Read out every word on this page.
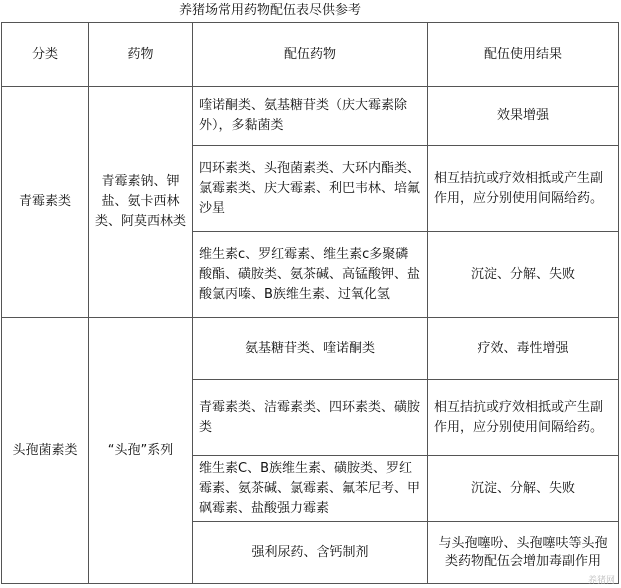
养猪场常用药物配伍表尽供参考
分类	药物	配伍药物	配伍使用结果
青霉素类	青霉素钠、钾盐、氨卡西林类、阿莫西林类	喹诺酮类、氨基糖苷类（庆大霉素除外），多黏菌类	效果增强
		四环素类、头孢菌素类、大环内酯类、氯霉素类、庆大霉素、利巴韦林、培氟沙星	相互拮抗或疗效相抵或产生副作用，应分别使用间隔给药。
		维生素c、罗红霉素、维生素c多聚磷酸酯、磺胺类、氨茶碱、高锰酸钾、盐酸氯丙嗪、B族维生素、过氧化氢	沉淀、分解、失败
头孢菌素类	“头孢”系列	氨基糖苷类、喹诺酮类	疗效、毒性增强
		青霉素类、洁霉素类、四环素类、磺胺类	相互拮抗或疗效相抵或产生副作用，应分别使用间隔给药。
		维生素C、B族维生素、磺胺类、罗红霉素、氨茶碱、氯霉素、氟苯尼考、甲砜霉素、盐酸强力霉素	沉淀、分解、失败
		强利尿药、含钙制剂	与头孢噻吩、头孢噻呋等头孢类药物配伍会增加毒副作用
养猪网
